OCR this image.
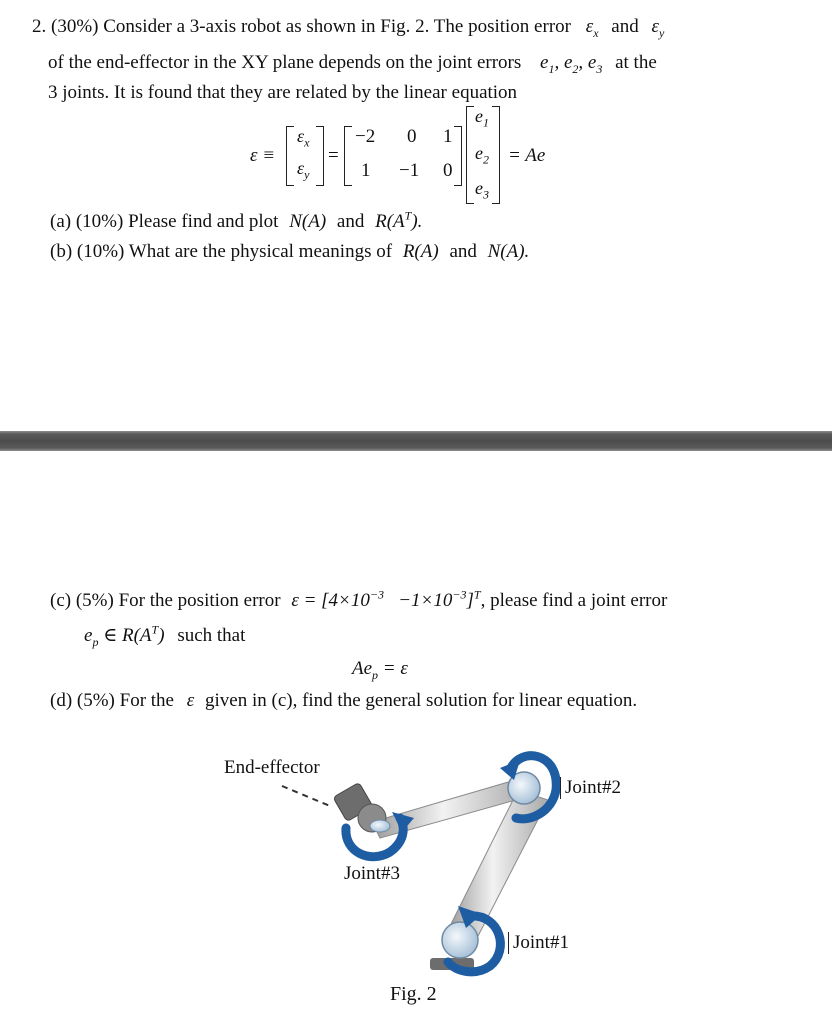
2. (30%) Consider a 3-axis robot as shown in Fig. 2. The position error $\varepsilon_x$ and $\varepsilon_y$
of the end-effector in the XY plane depends on the joint errors $e_1$, $e_2$, $e_3$ at the
3 joints. It is found that they are related by the linear equation
ε ≡
$\varepsilon_x$
$\varepsilon_y$
=
−2 0 1
1 −1 0
$e_1$
$e_2$
$e_3$
= Ae
(a) (10%) Please find and plot N(A) and $R(A^T)$.
(b) (10%) What are the physical meanings of R(A) and N(A).
(c) (5%) For the position error $\varepsilon = [4\times 10^{-3} -1\times 10^{-3}]^T$, please find a joint error
$e_p$ ∈ $R(A^T)$ such that
$Ae_p = \varepsilon$
(d) (5%) For the ε given in (c), find the general solution for linear equation.
End-effector
Joint#2
Joint#3
Joint#1
Fig. 2
